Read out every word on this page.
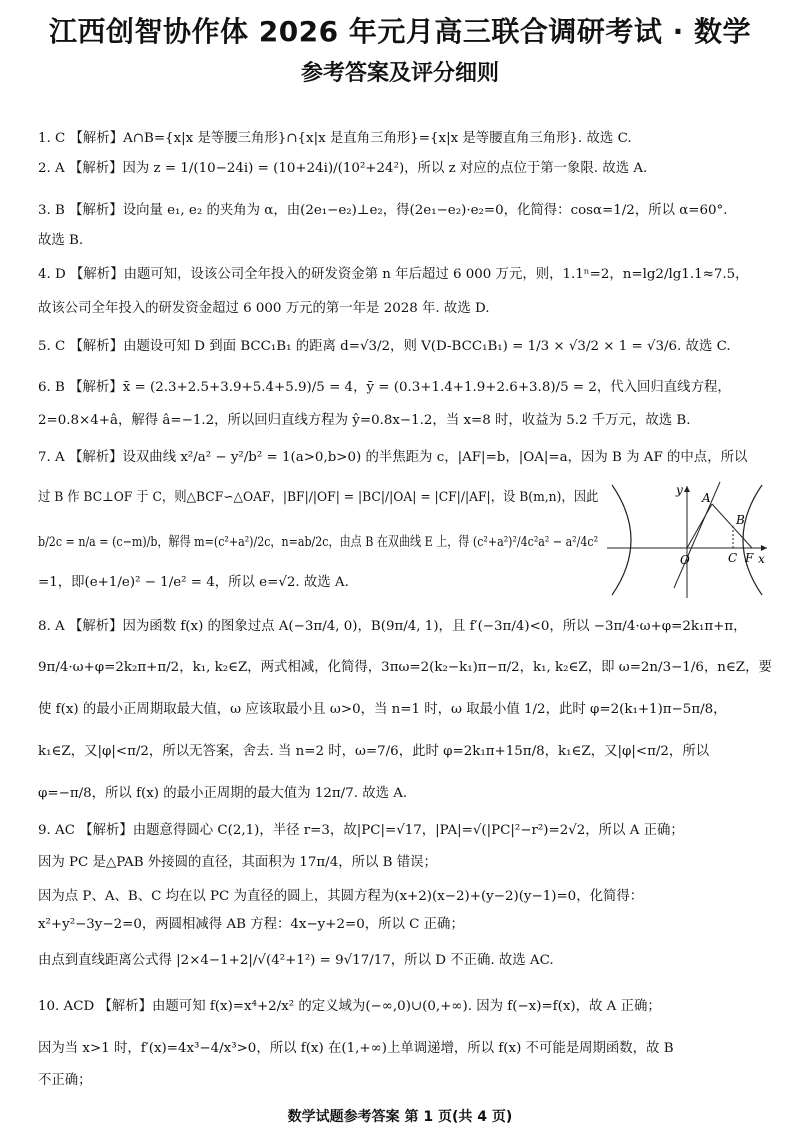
江西创智协作体 2026 年元月高三联合调研考试 · 数学
参考答案及评分细则
1. C 【解析】A∩B={x|x 是等腰三角形}∩{x|x 是直角三角形}={x|x 是等腰直角三角形}. 故选 C.
2. A 【解析】因为 z = 1/(10−24i) = (10+24i)/(10²+24²)，所以 z 对应的点位于第一象限. 故选 A.
3. B 【解析】设向量 e₁, e₂ 的夹角为 α，由(2e₁−e₂)⊥e₂，得(2e₁−e₂)·e₂=0，化简得：cosα=1/2，所以 α=60°.
故选 B.
4. D 【解析】由题可知，设该公司全年投入的研发资金第 n 年后超过 6 000 万元，则，1.1ⁿ=2，n=lg2/lg1.1≈7.5，
故该公司全年投入的研发资金超过 6 000 万元的第一年是 2028 年. 故选 D.
5. C 【解析】由题设可知 D 到面 BCC₁B₁ 的距离 d=√3/2，则 V(D-BCC₁B₁) = 1/3 × √3/2 × 1 = √3/6. 故选 C.
6. B 【解析】x̄ = (2.3+2.5+3.9+5.4+5.9)/5 = 4，ȳ = (0.3+1.4+1.9+2.6+3.8)/5 = 2，代入回归直线方程，
2=0.8×4+â，解得 â=−1.2，所以回归直线方程为 ŷ=0.8x−1.2，当 x=8 时，收益为 5.2 千万元，故选 B.
7. A 【解析】设双曲线 x²/a² − y²/b² = 1(a>0,b>0) 的半焦距为 c，|AF|=b，|OA|=a，因为 B 为 AF 的中点，所以
过 B 作 BC⊥OF 于 C，则△BCF∽△OAF，|BF|/|OF| = |BC|/|OA| = |CF|/|AF|，设 B(m,n)，因此
b/2c = n/a = (c−m)/b，解得 m=(c²+a²)/2c，n=ab/2c，由点 B 在双曲线 E 上，得 (c²+a²)²/4c²a² − a²/4c²
=1，即(e+1/e)² − 1/e² = 4，所以 e=√2. 故选 A.
8. A 【解析】因为函数 f(x) 的图象过点 A(−3π/4, 0)，B(9π/4, 1)，且 f′(−3π/4)<0，所以 −3π/4·ω+φ=2k₁π+π，
9π/4·ω+φ=2k₂π+π/2，k₁, k₂∈Z，两式相减，化简得，3πω=2(k₂−k₁)π−π/2，k₁, k₂∈Z，即 ω=2n/3−1/6，n∈Z，要
使 f(x) 的最小正周期取最大值，ω 应该取最小且 ω>0，当 n=1 时，ω 取最小值 1/2，此时 φ=2(k₁+1)π−5π/8，
k₁∈Z，又|φ|<π/2，所以无答案，舍去. 当 n=2 时，ω=7/6，此时 φ=2k₁π+15π/8，k₁∈Z，又|φ|<π/2，所以
φ=−π/8，所以 f(x) 的最小正周期的最大值为 12π/7. 故选 A.
9. AC 【解析】由题意得圆心 C(2,1)，半径 r=3，故|PC|=√17，|PA|=√(|PC|²−r²)=2√2，所以 A 正确；
因为 PC 是△PAB 外接圆的直径，其面积为 17π/4，所以 B 错误；
因为点 P、A、B、C 均在以 PC 为直径的圆上，其圆方程为(x+2)(x−2)+(y−2)(y−1)=0，化简得：
x²+y²−3y−2=0，两圆相减得 AB 方程：4x−y+2=0，所以 C 正确；
由点到直线距离公式得 |2×4−1+2|/√(4²+1²) = 9√17/17，所以 D 不正确. 故选 AC.
10. ACD 【解析】由题可知 f(x)=x⁴+2/x² 的定义域为(−∞,0)∪(0,+∞). 因为 f(−x)=f(x)，故 A 正确；
因为当 x>1 时，f′(x)=4x³−4/x³>0，所以 f(x) 在(1,+∞)上单调递增，所以 f(x) 不可能是周期函数，故 B
不正确；
y
x
O
A
B
C F
数学试题参考答案 第 1 页(共 4 页)
